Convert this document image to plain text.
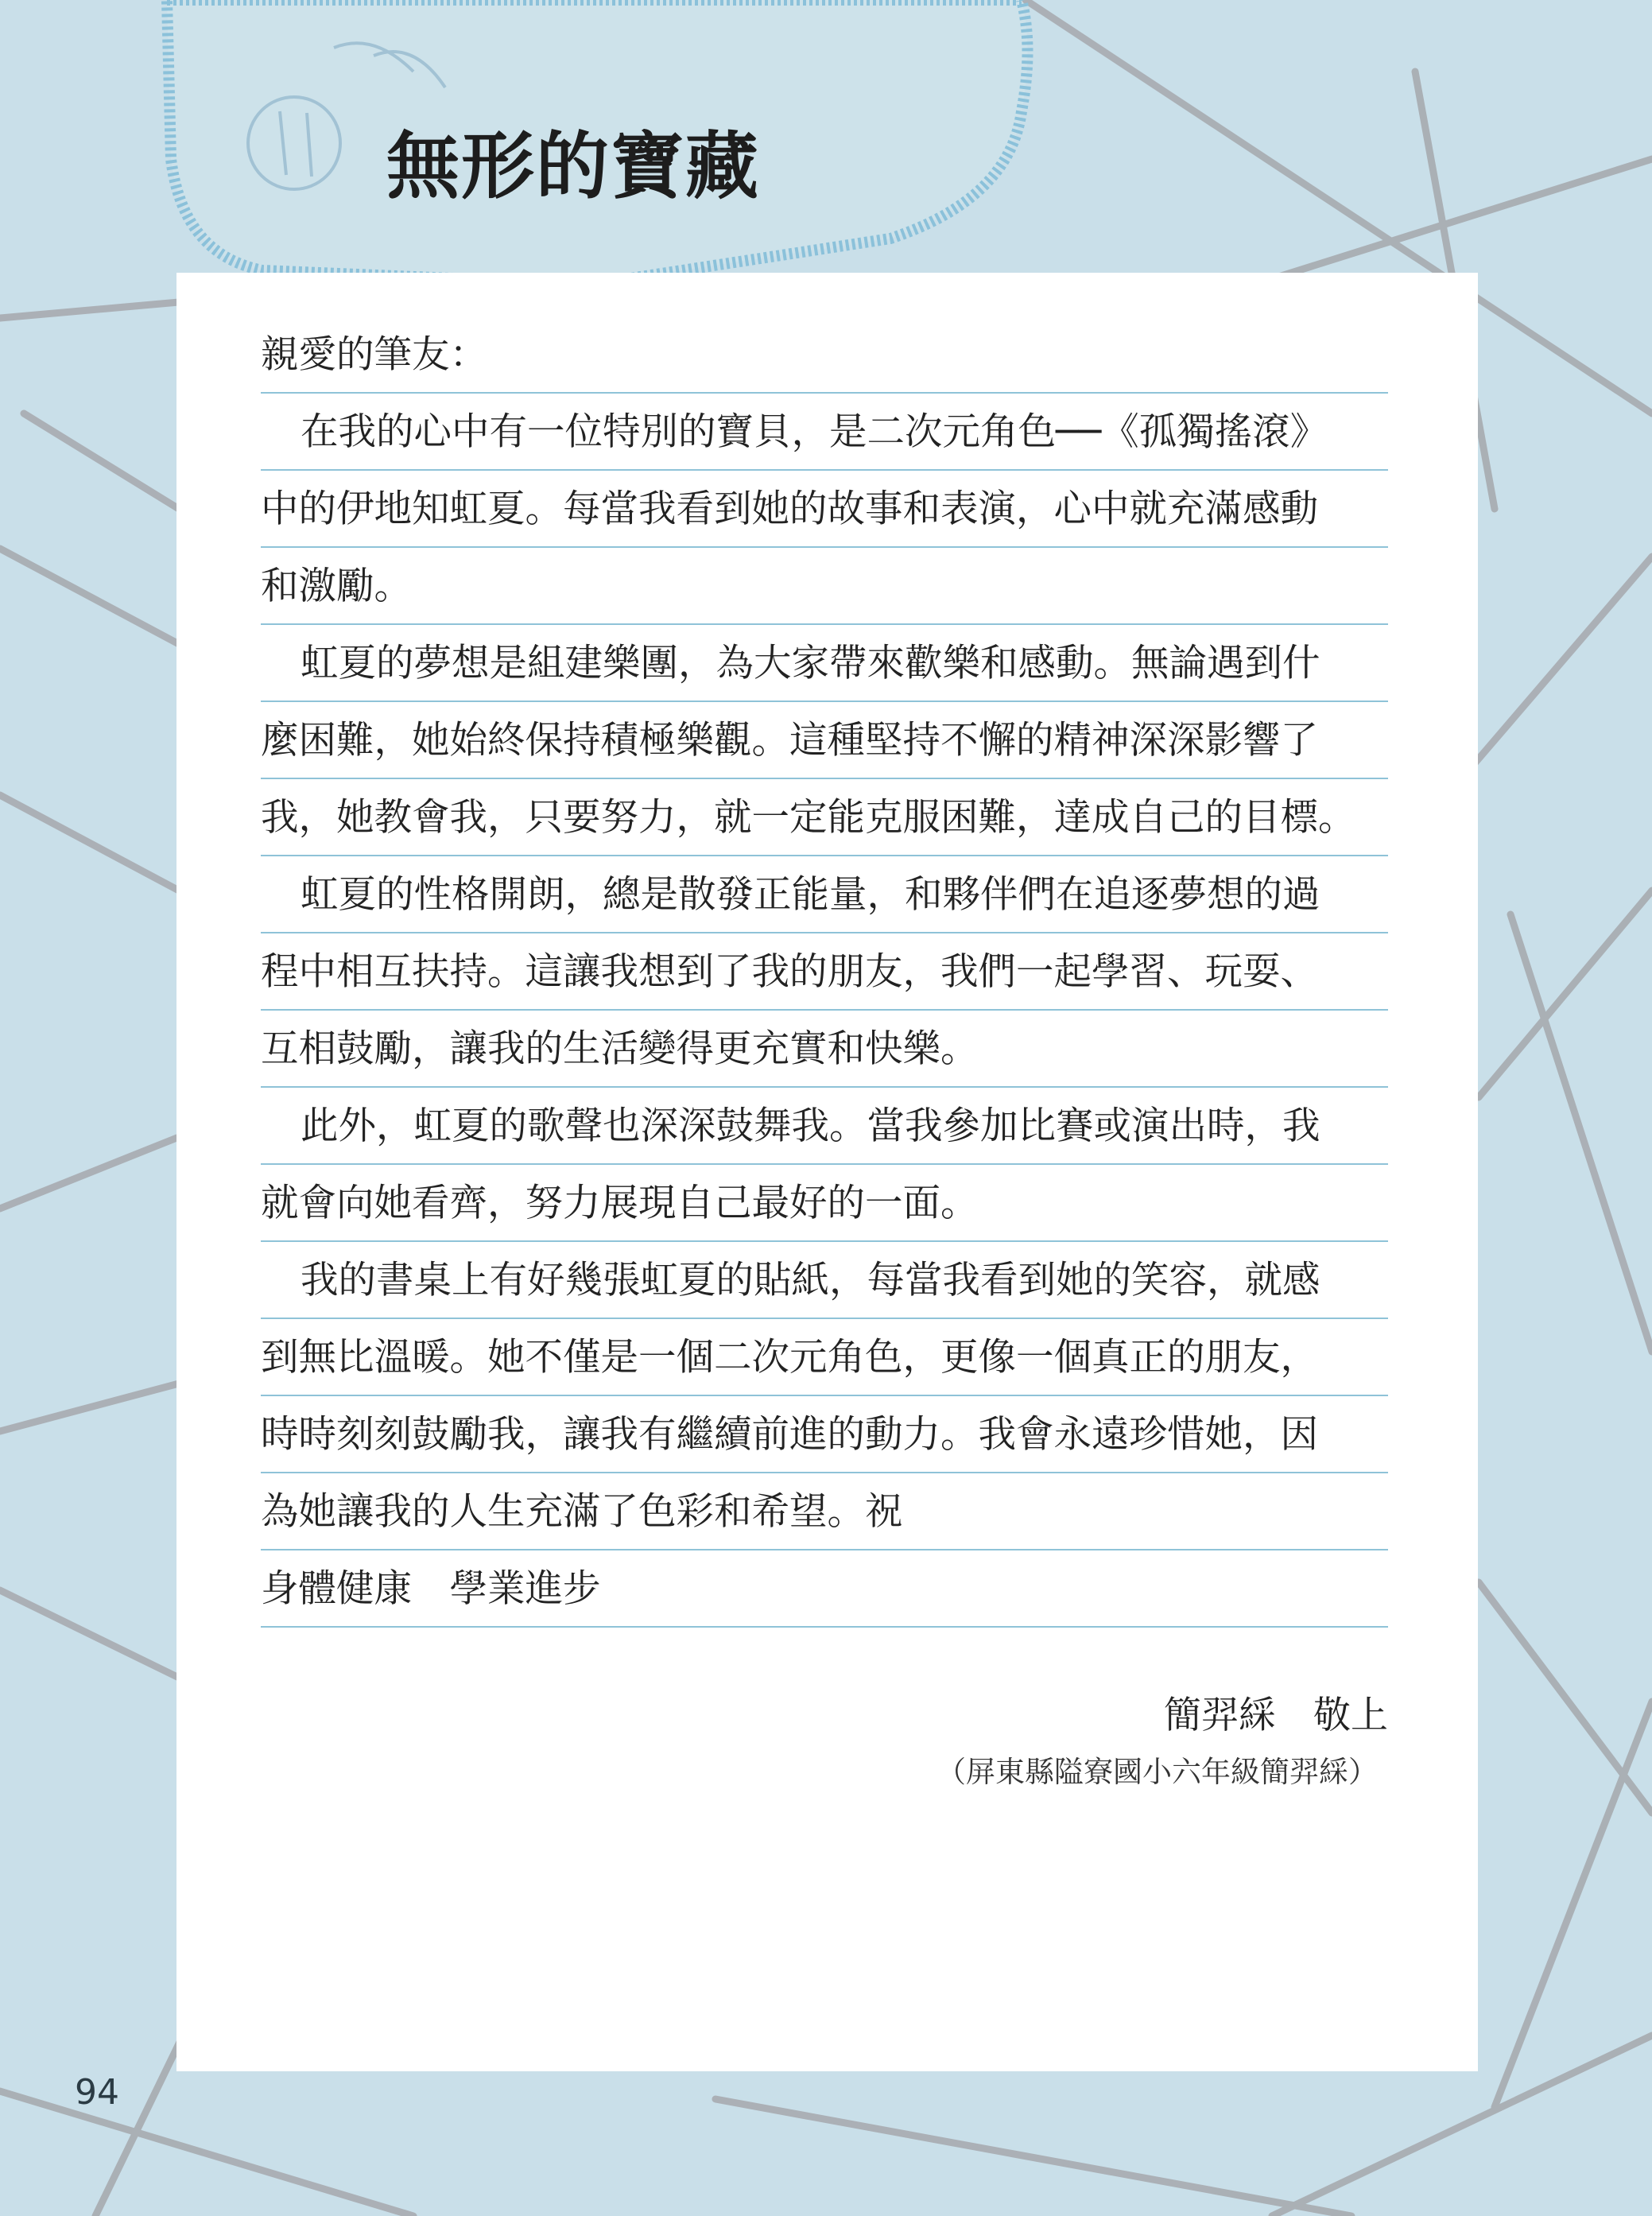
無形的寶藏
親愛的筆友：
在我的心中有一位特別的寶貝，是二次元角色──《孤獨搖滾》
中的伊地知虹夏。每當我看到她的故事和表演，心中就充滿感動
和激勵。
虹夏的夢想是組建樂團，為大家帶來歡樂和感動。無論遇到什
麼困難，她始終保持積極樂觀。這種堅持不懈的精神深深影響了
我，她教會我，只要努力，就一定能克服困難，達成自己的目標。
虹夏的性格開朗，總是散發正能量，和夥伴們在追逐夢想的過
程中相互扶持。這讓我想到了我的朋友，我們一起學習、玩耍、
互相鼓勵，讓我的生活變得更充實和快樂。
此外，虹夏的歌聲也深深鼓舞我。當我參加比賽或演出時，我
就會向她看齊，努力展現自己最好的一面。
我的書桌上有好幾張虹夏的貼紙，每當我看到她的笑容，就感
到無比溫暖。她不僅是一個二次元角色，更像一個真正的朋友，
時時刻刻鼓勵我，讓我有繼續前進的動力。我會永遠珍惜她，因
為她讓我的人生充滿了色彩和希望。祝
身體健康　學業進步
簡羿綵　敬上
（屏東縣隘寮國小六年級簡羿綵）
94
